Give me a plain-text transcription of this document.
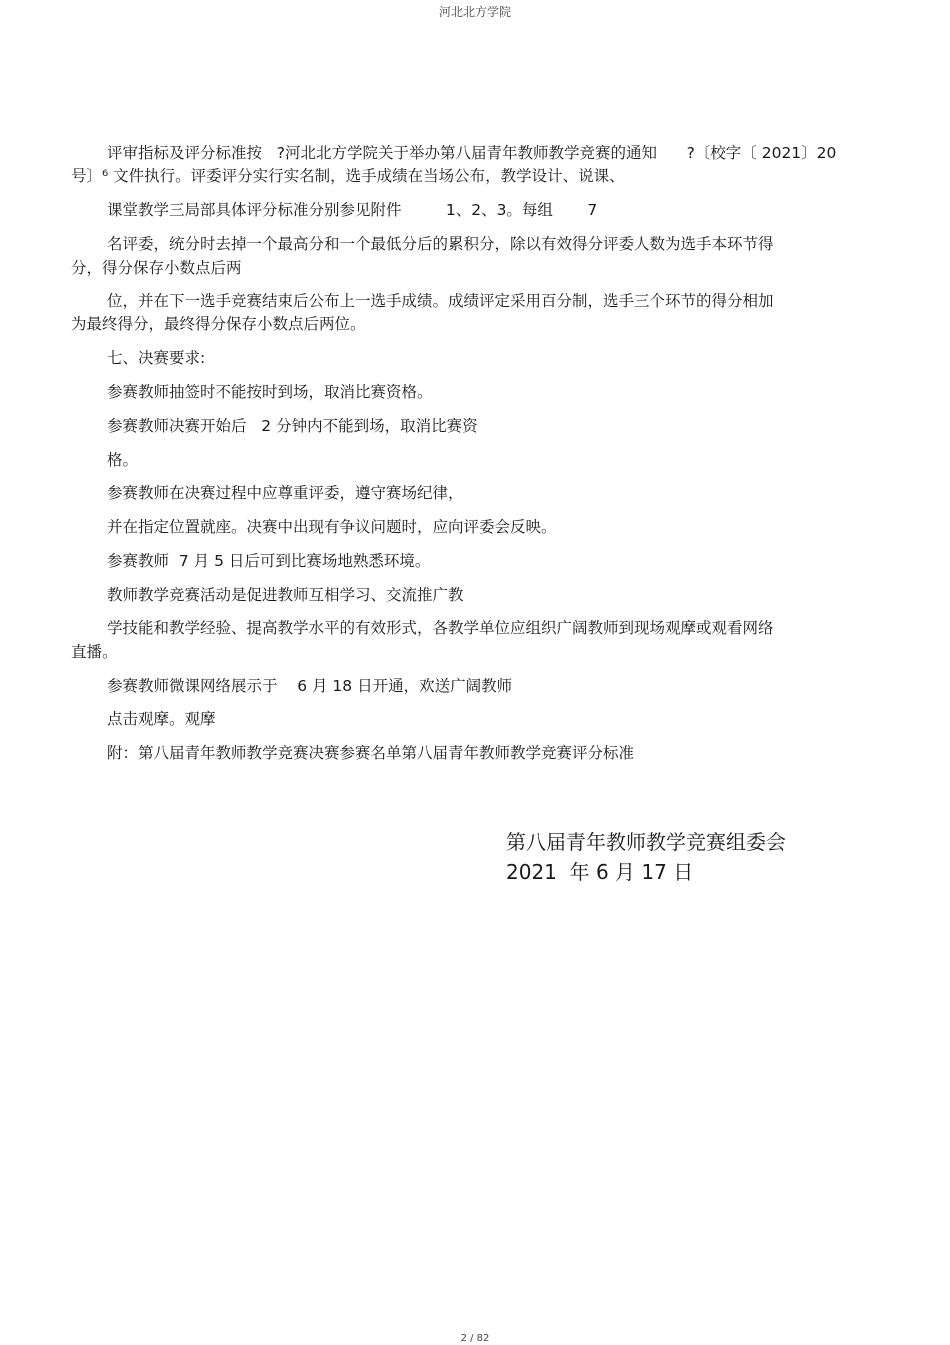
河北北方学院
评审指标及评分标准按   ?河北北方学院关于举办第八届青年教师教学竞赛的通知      ?〔校字〔 2021〕20
号〕⁶ 文件执行。评委评分实行实名制，选手成绩在当场公布，教学设计、说课、
课堂教学三局部具体评分标准分别参见附件         1、2、3。每组       7
名评委，统分时去掉一个最高分和一个最低分后的累积分，除以有效得分评委人数为选手本环节得
分，得分保存小数点后两
位，并在下一选手竞赛结束后公布上一选手成绩。成绩评定采用百分制，选手三个环节的得分相加
为最终得分，最终得分保存小数点后两位。
七、决赛要求:
参赛教师抽签时不能按时到场，取消比赛资格。
参赛教师决赛开始后   2 分钟内不能到场，取消比赛资
格。
参赛教师在决赛过程中应尊重评委，遵守赛场纪律，
并在指定位置就座。决赛中出现有争议问题时，应向评委会反映。
参赛教师  7 月 5 日后可到比赛场地熟悉环境。
教师教学竞赛活动是促进教师互相学习、交流推广教
学技能和教学经验、提高教学水平的有效形式，各教学单位应组织广阔教师到现场观摩或观看网络
直播。
参赛教师微课网络展示于    6 月 18 日开通，欢送广阔教师
点击观摩。观摩
附：第八届青年教师教学竞赛决赛参赛名单第八届青年教师教学竞赛评分标准
第八届青年教师教学竞赛组委会
2021  年 6 月 17 日
2 / 82
